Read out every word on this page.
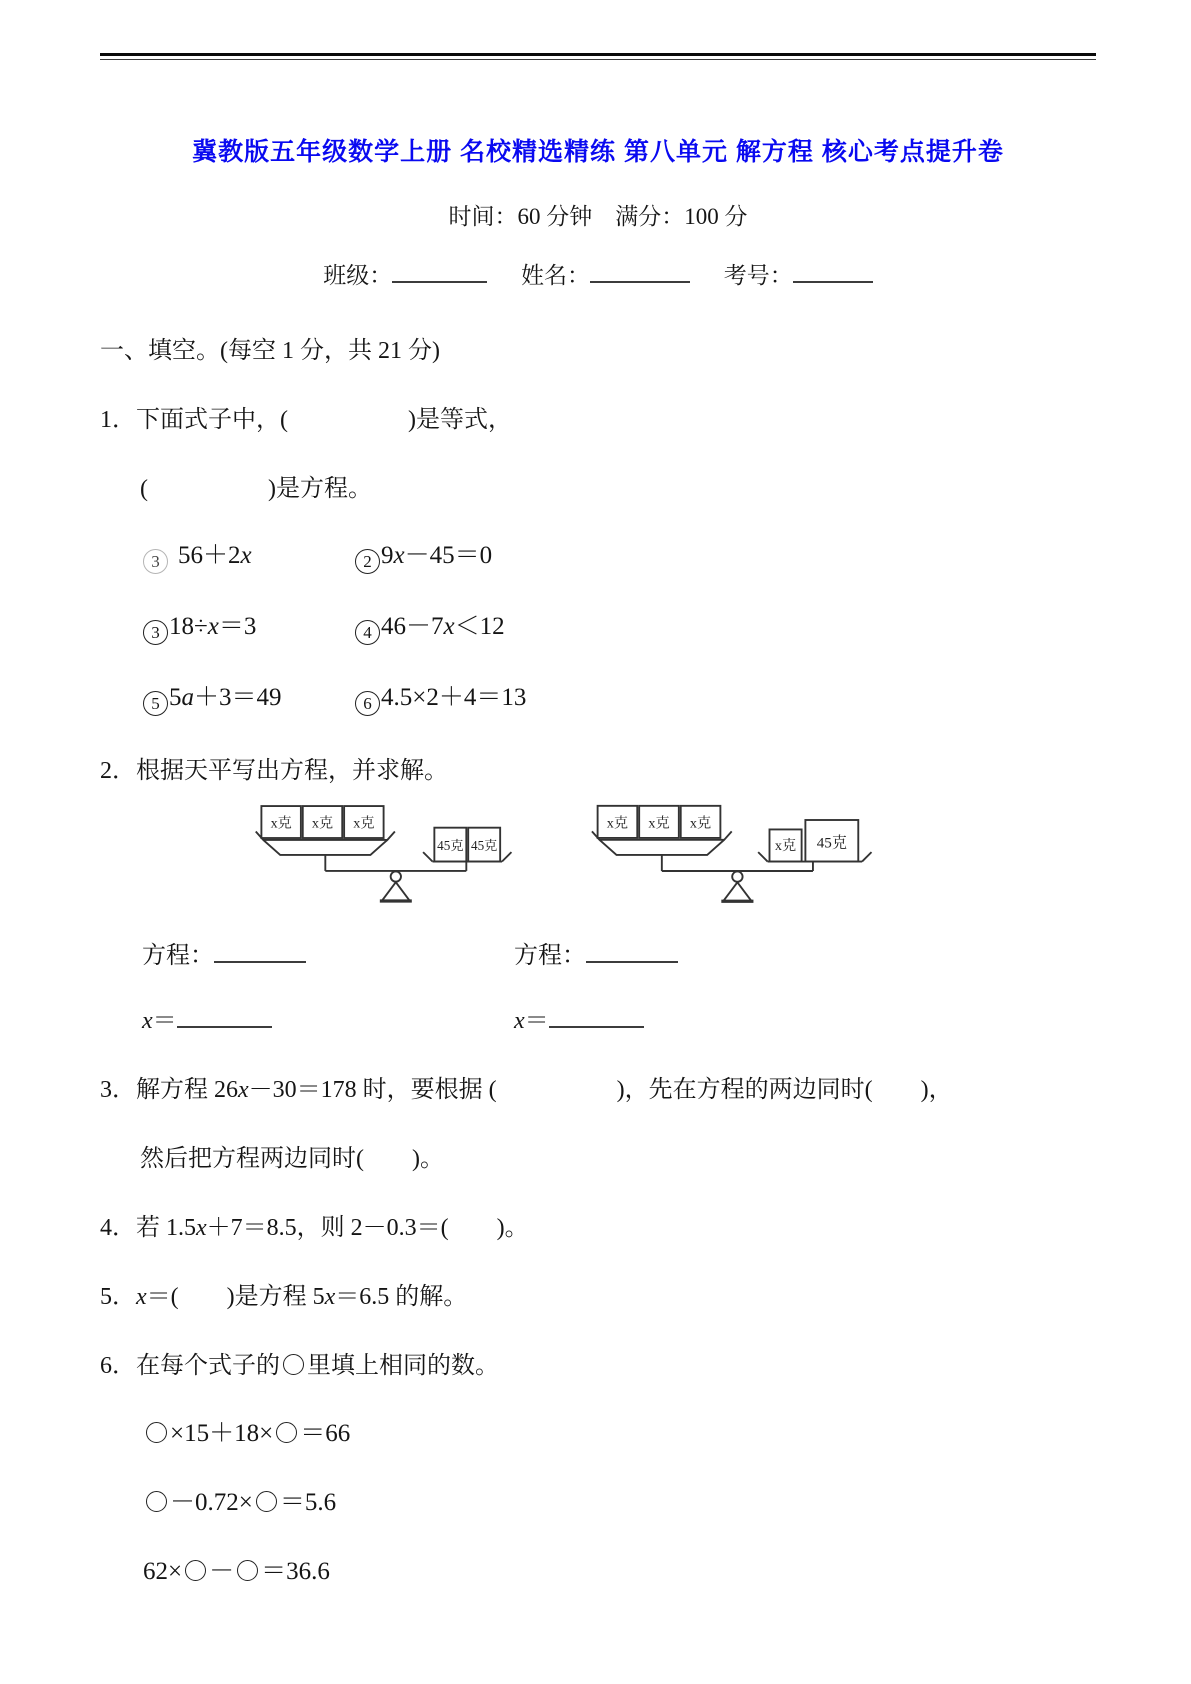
冀教版五年级数学上册 名校精选精练 第八单元 解方程 核心考点提升卷
时间：60 分钟　满分：100 分
班级：	姓名：	考号：
一、填空。(每空 1 分，共 21 分)
1．下面式子中，(　　　　　)是等式，
(　　　　　)是方程。
3 56＋2x	2 9x－45＝0
3 18÷x＝3	4 46－7x＜12
5 5a＋3＝49	6 4.5×2＋4＝13
2．根据天平写出方程，并求解。
x克 x克 x克
45克 45克
x克 x克 x克
x克 45克
方程：	方程：
x＝	x＝
3．解方程 26x－30＝178 时，要根据 (　　　　　)，先在方程的两边同时(　　)，
然后把方程两边同时(　　)。
4．若 1.5x＋7＝8.5，则 2－0.3＝(　　)。
5．x＝(　　)是方程 5x＝6.5 的解。
6．在每个式子的 里填上相同的数。
×15＋18× ＝66
－0.72× ＝5.6
62× － ＝36.6
